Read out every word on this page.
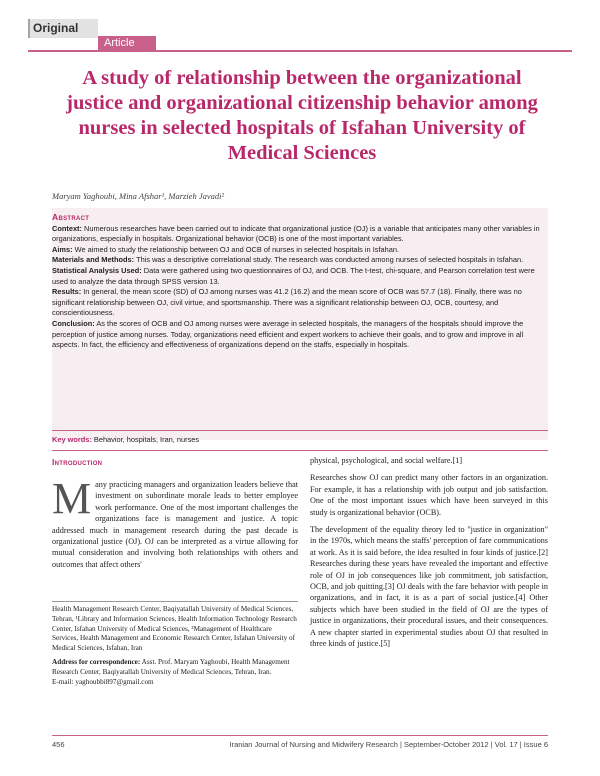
Original
Article
A study of relationship between the organizational justice and organizational citizenship behavior among nurses in selected hospitals of Isfahan University of Medical Sciences
Maryam Yaghoubi, Mina Afshar¹, Marzieh Javadi²
Abstract

Context: Numerous researches have been carried out to indicate that organizational justice (OJ) is a variable that anticipates many other variables in organizations, especially in hospitals. Organizational behavior (OCB) is one of the most important variables.

Aims: We aimed to study the relationship between OJ and OCB of nurses in selected hospitals in Isfahan.

Materials and Methods: This was a descriptive correlational study. The research was conducted among nurses of selected hospitals in Isfahan.

Statistical Analysis Used: Data were gathered using two questionnaires of OJ, and OCB. The t-test, chi-square, and Pearson correlation test were used to analyze the data through SPSS version 13.

Results: In general, the mean score (SD) of OJ among nurses was 41.2 (16.2) and the mean score of OCB was 57.7 (18). Finally, there was no significant relationship between OJ, civil virtue, and sportsmanship. There was a significant relationship between OJ, OCB, courtesy, and conscientiousness.

Conclusion: As the scores of OCB and OJ among nurses were average in selected hospitals, the managers of the hospitals should improve the perception of justice among nurses. Today, organizations need efficient and expert workers to achieve their goals, and to grow and improve in all aspects. In fact, the efficiency and effectiveness of organizations depend on the staffs, especially in hospitals.

Key words: Behavior, hospitals, Iran, nurses
Introduction

Many practicing managers and organization leaders believe that investment on subordinate morale leads to better employee work performance. One of the most important challenges the organizations face is management and justice. A topic addressed much in management research during the past decade is organizational justice (OJ). OJ can be interpreted as a virtue allowing for mutual consideration and involving both relationships with others and outcomes that affect others'

physical, psychological, and social welfare.[1]

Researches show OJ can predict many other factors in an organization. For example, it has a relationship with job output and job satisfaction. One of the most important issues which have been surveyed in this study is organizational behavior (OCB).

The development of the equality theory led to "justice in organization" in the 1970s, which means the staffs' perception of fare communications at work. As it is said before, the idea resulted in four kinds of justice.[2] Researches during these years have revealed the important and effective role of OJ in job consequences like job commitment, job satisfaction, OCB, and job quitting.[3] OJ deals with the fare behavior with people in organizations, and in fact, it is as a part of social justice.[4] Other subjects which have been studied in the field of OJ are the types of justice in organizations, their procedural issues, and their consequences. A new chapter started in experimental studies about OJ that resulted in three kinds of justice.[5]

Health Management Research Center, Baqiyatallah University of Medical Sciences, Tehran, ¹Library and Information Sciences, Health Information Technology Research Center, Isfahan University of Medical Sciences, ²Management of Healthcare Services, Health Management and Economic Research Center, Isfahan University of Medical Sciences, Isfahan, Iran

Address for correspondence: Asst. Prof. Maryam Yaghoubi, Health Management Research Center, Baqiyatallah University of Medical Sciences, Tehran, Iran.
E-mail: yaghoubbi897@gmail.com

456	Iranian Journal of Nursing and Midwifery Research | September-October 2012 | Vol. 17 | Issue 6
